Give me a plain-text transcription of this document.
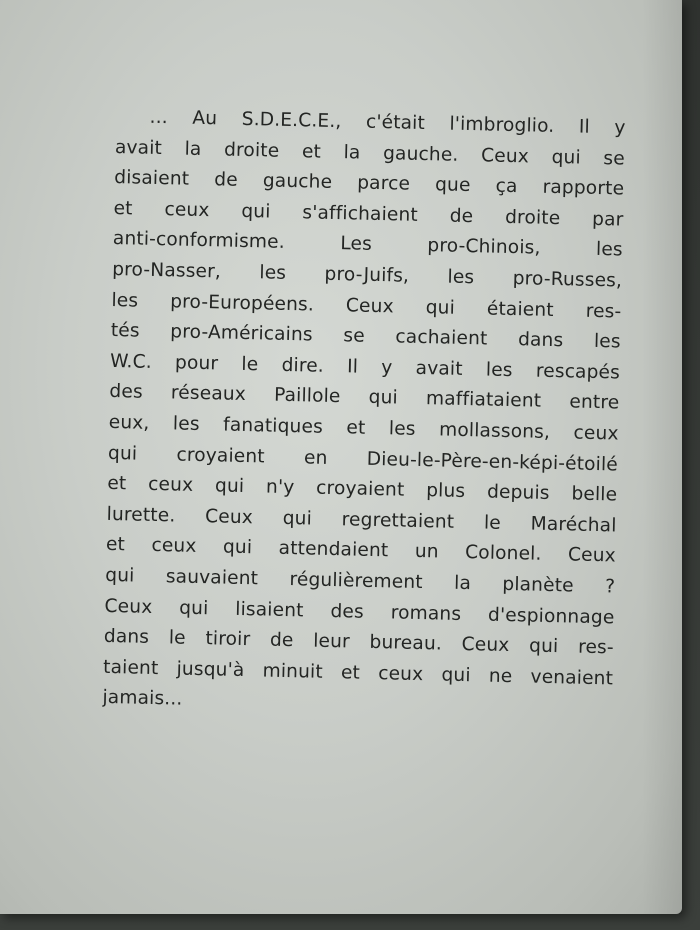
... Au S.D.E.C.E., c'était l'imbroglio. Il y
avait la droite et la gauche. Ceux qui se
disaient de gauche parce que ça rapporte
et ceux qui s'affichaient de droite par
anti-conformisme. Les pro-Chinois, les
pro-Nasser, les pro-Juifs, les pro-Russes,
les pro-Européens. Ceux qui étaient res-
tés pro-Américains se cachaient dans les
W.C. pour le dire. Il y avait les rescapés
des réseaux Paillole qui maffiataient entre
eux, les fanatiques et les mollassons, ceux
qui croyaient en Dieu-le-Père-en-képi-étoilé
et ceux qui n'y croyaient plus depuis belle
lurette. Ceux qui regrettaient le Maréchal
et ceux qui attendaient un Colonel. Ceux
qui sauvaient régulièrement la planète ?
Ceux qui lisaient des romans d'espionnage
dans le tiroir de leur bureau. Ceux qui res-
taient jusqu'à minuit et ceux qui ne venaient
jamais...
